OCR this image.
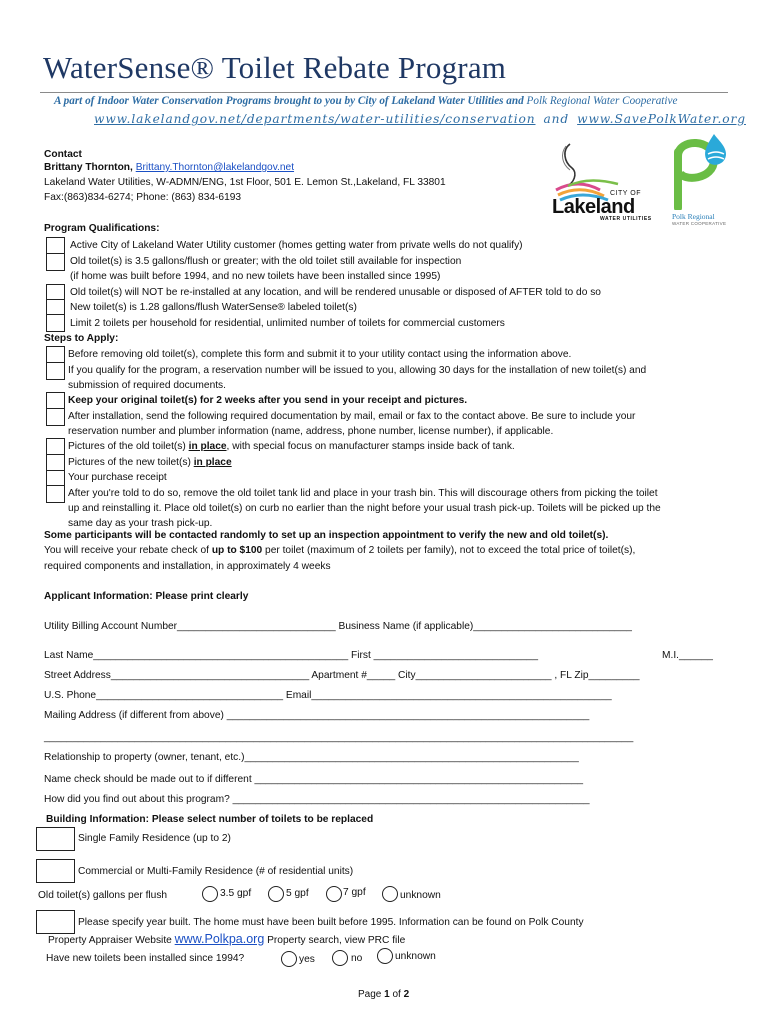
WaterSense® Toilet Rebate Program
A part of Indoor Water Conservation Programs brought to you by City of Lakeland Water Utilities and Polk Regional Water Cooperative
www.lakelandgov.net/departments/water-utilities/conservation and www.SavePolkWater.org
CITY OF
Lakeland
WATER UTILITIES	Polk Regional
WATER COOPERATIVE
Contact
Brittany Thornton, Brittany.Thornton@lakelandgov.net
Lakeland Water Utilities, W-ADMN/ENG, 1st Floor, 501 E. Lemon St.,Lakeland, FL 33801
Fax:(863)834-6274; Phone: (863) 834-6193
Program Qualifications:
Active City of Lakeland Water Utility customer (homes getting water from private wells do not qualify)
Old toilet(s) is 3.5 gallons/flush or greater; with the old toilet still available for inspection
(if home was built before 1994, and no new toilets have been installed since 1995)
Old toilet(s) will NOT be re-installed at any location, and will be rendered unusable or disposed of AFTER told to do so
New toilet(s) is 1.28 gallons/flush WaterSense® labeled toilet(s)
Limit 2 toilets per household for residential, unlimited number of toilets for commercial customers
Steps to Apply:
Before removing old toilet(s), complete this form and submit it to your utility contact using the information above.
If you qualify for the program, a reservation number will be issued to you, allowing 30 days for the installation of new toilet(s) and
submission of required documents.
Keep your original toilet(s) for 2 weeks after you send in your receipt and pictures.
After installation, send the following required documentation by mail, email or fax to the contact above. Be sure to include your
reservation number and plumber information (name, address, phone number, license number), if applicable.
Pictures of the old toilet(s) in place, with special focus on manufacturer stamps inside back of tank.
Pictures of the new toilet(s) in place
Your purchase receipt
After you're told to do so, remove the old toilet tank lid and place in your trash bin. This will discourage others from picking the toilet
up and reinstalling it. Place old toilet(s) on curb no earlier than the night before your usual trash pick-up. Toilets will be picked up the
same day as your trash pick-up.
Some participants will be contacted randomly to set up an inspection appointment to verify the new and old toilet(s).
You will receive your rebate check of up to $100 per toilet (maximum of 2 toilets per family), not to exceed the total price of toilet(s),
required components and installation, in approximately 4 weeks
Applicant Information: Please print clearly
Utility Billing Account Number____________________________ Business Name (if applicable)____________________________
Last Name_____________________________________________ First _____________________________	M.I.______
Street Address___________________________________ Apartment #_____ City________________________ , FL Zip_________
U.S. Phone_________________________________ Email_____________________________________________________
Mailing Address (if different from above) ________________________________________________________________
________________________________________________________________________________________________________
Relationship to property (owner, tenant, etc.)___________________________________________________________
Name check should be made out to if different __________________________________________________________
How did you find out about this program? _______________________________________________________________
Building Information: Please select number of toilets to be replaced
Single Family Residence (up to 2)
Commercial or Multi-Family Residence (# of residential units)
Old toilet(s) gallons per flush	3.5 gpf	5 gpf	7 gpf	unknown
Please specify year built. The home must have been built before 1995. Information can be found on Polk County
Property Appraiser Website www.Polkpa.org Property search, view PRC file
Have new toilets been installed since 1994?	yes	no	unknown
Page 1 of 2
